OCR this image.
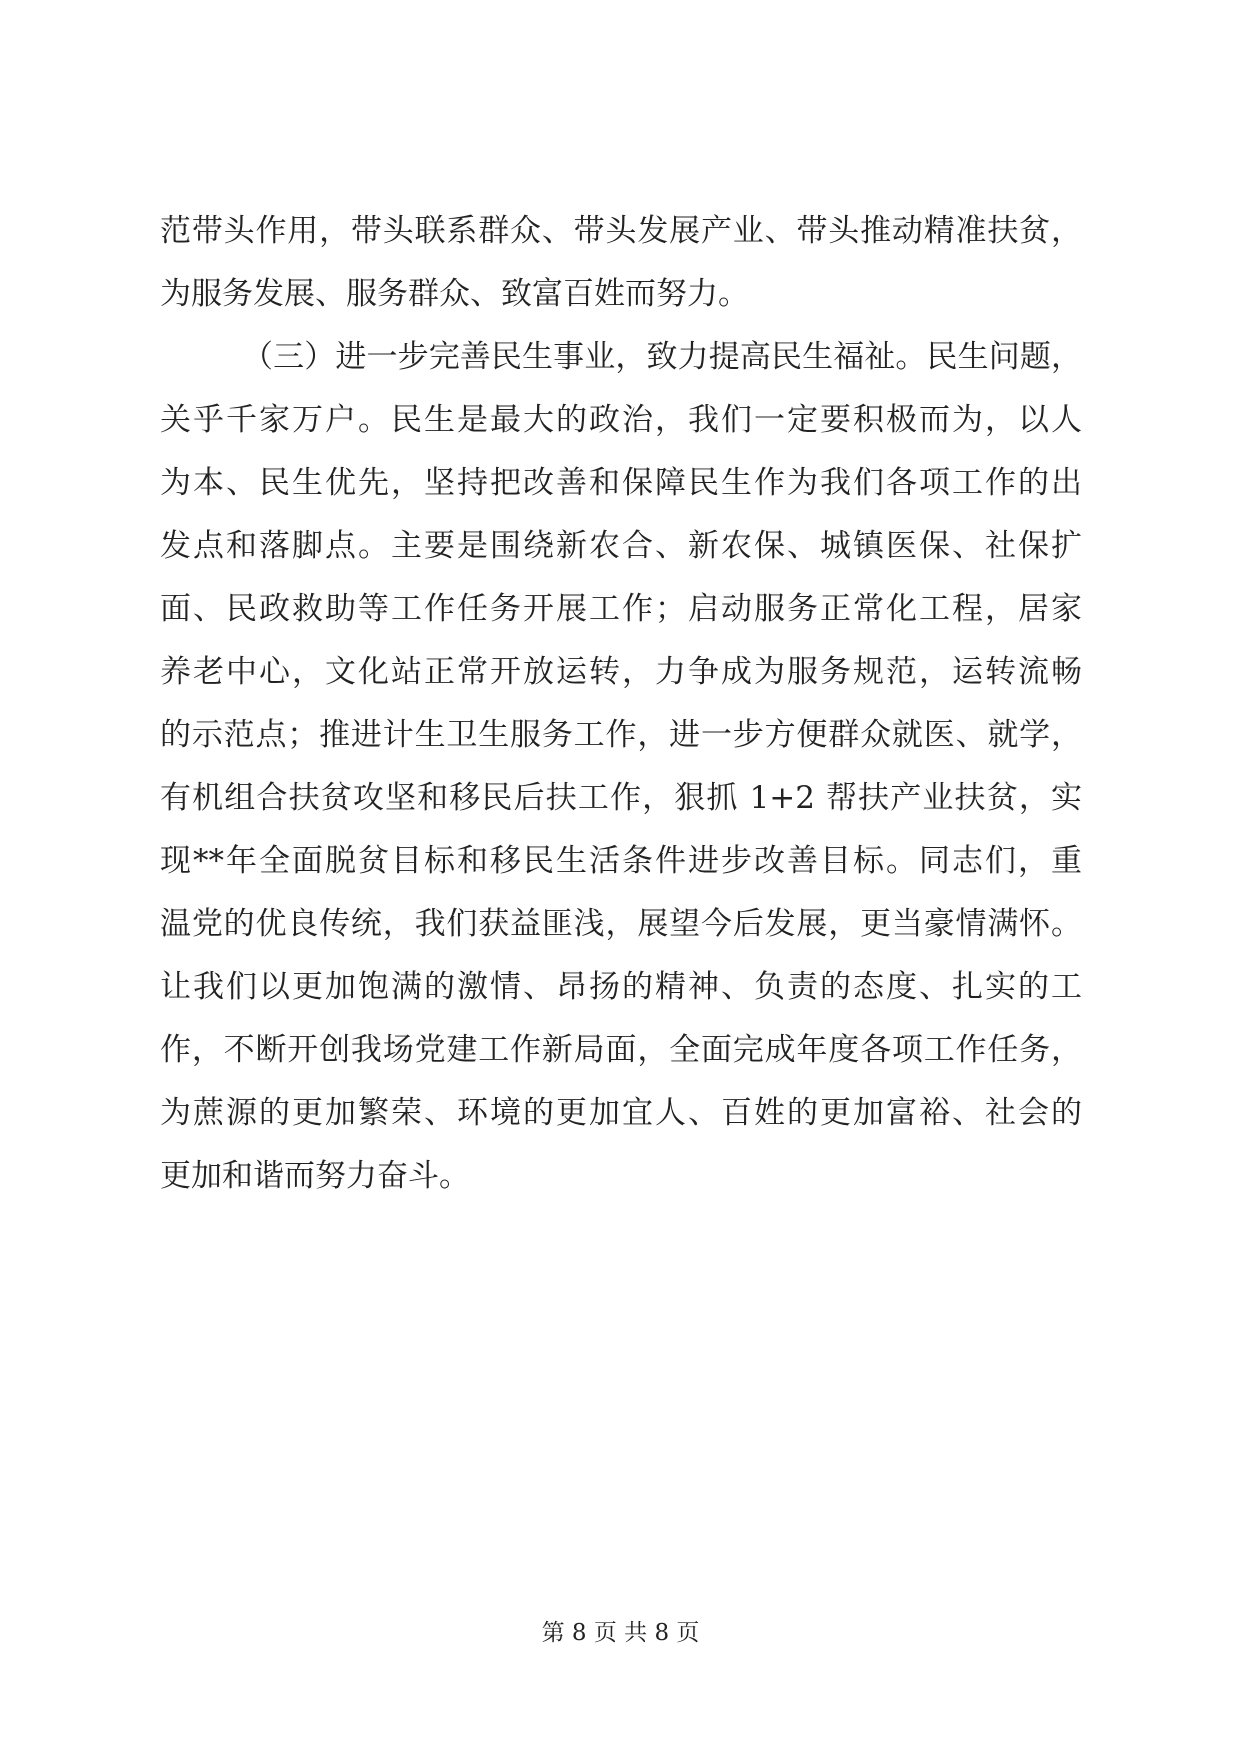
范带头作用，带头联系群众、带头发展产业、带头推动精准扶贫，
为服务发展、服务群众、致富百姓而努力。
（三）进一步完善民生事业，致力提高民生福祉。民生问题，
关乎千家万户。民生是最大的政治，我们一定要积极而为，以人
为本、民生优先，坚持把改善和保障民生作为我们各项工作的出
发点和落脚点。主要是围绕新农合、新农保、城镇医保、社保扩
面、民政救助等工作任务开展工作；启动服务正常化工程，居家
养老中心，文化站正常开放运转，力争成为服务规范，运转流畅
的示范点；推进计生卫生服务工作，进一步方便群众就医、就学，
有机组合扶贫攻坚和移民后扶工作，狠抓 1+2 帮扶产业扶贫，实
现**年全面脱贫目标和移民生活条件进步改善目标。同志们，重
温党的优良传统，我们获益匪浅，展望今后发展，更当豪情满怀。
让我们以更加饱满的激情、昂扬的精神、负责的态度、扎实的工
作，不断开创我场党建工作新局面，全面完成年度各项工作任务，
为蔗源的更加繁荣、环境的更加宜人、百姓的更加富裕、社会的
更加和谐而努力奋斗。
第 8 页 共 8 页
